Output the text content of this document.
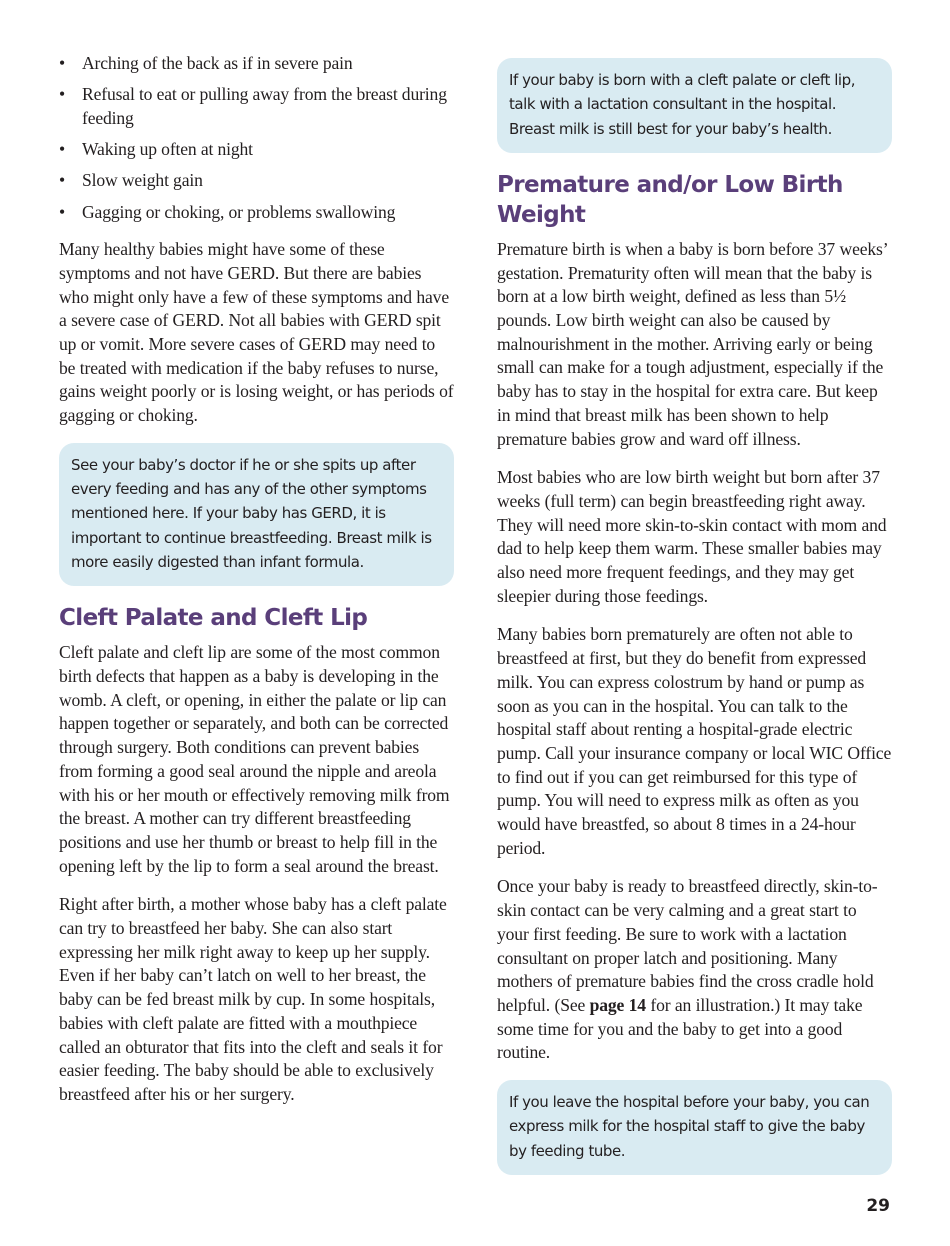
• Arching of the back as if in severe pain
• Refusal to eat or pulling away from the breast during feeding
• Waking up often at night
• Slow weight gain
• Gagging or choking, or problems swallowing

Many healthy babies might have some of these symptoms and not have GERD. But there are babies who might only have a few of these symptoms and have a severe case of GERD. Not all babies with GERD spit up or vomit. More severe cases of GERD may need to be treated with medication if the baby refuses to nurse, gains weight poorly or is losing weight, or has periods of gagging or choking.

See your baby’s doctor if he or she spits up after every feeding and has any of the other symptoms mentioned here. If your baby has GERD, it is important to continue breastfeeding. Breast milk is more easily digested than infant formula.
Cleft Palate and Cleft Lip

Cleft palate and cleft lip are some of the most common birth defects that happen as a baby is developing in the womb. A cleft, or opening, in either the palate or lip can happen together or separately, and both can be corrected through surgery. Both conditions can prevent babies from forming a good seal around the nipple and areola with his or her mouth or effectively removing milk from the breast. A mother can try different breastfeeding positions and use her thumb or breast to help fill in the opening left by the lip to form a seal around the breast.

Right after birth, a mother whose baby has a cleft palate can try to breastfeed her baby. She can also start expressing her milk right away to keep up her supply. Even if her baby can’t latch on well to her breast, the baby can be fed breast milk by cup. In some hospitals, babies with cleft palate are fitted with a mouthpiece called an obturator that fits into the cleft and seals it for easier feeding. The baby should be able to exclusively breastfeed after his or her surgery.

If your baby is born with a cleft palate or cleft lip, talk with a lactation consultant in the hospital. Breast milk is still best for your baby’s health.
Premature and/or Low Birth Weight

Premature birth is when a baby is born before 37 weeks’ gestation. Prematurity often will mean that the baby is born at a low birth weight, defined as less than 5½ pounds. Low birth weight can also be caused by malnourishment in the mother. Arriving early or being small can make for a tough adjustment, especially if the baby has to stay in the hospital for extra care. But keep in mind that breast milk has been shown to help premature babies grow and ward off illness.

Most babies who are low birth weight but born after 37 weeks (full term) can begin breastfeeding right away. They will need more skin-to-skin contact with mom and dad to help keep them warm. These smaller babies may also need more frequent feedings, and they may get sleepier during those feedings.

Many babies born prematurely are often not able to breastfeed at first, but they do benefit from expressed milk. You can express colostrum by hand or pump as soon as you can in the hospital. You can talk to the hospital staff about renting a hospital-grade electric pump. Call your insurance company or local WIC Office to find out if you can get reimbursed for this type of pump. You will need to express milk as often as you would have breastfed, so about 8 times in a 24-hour period.

Once your baby is ready to breastfeed directly, skin-to-skin contact can be very calming and a great start to your first feeding. Be sure to work with a lactation consultant on proper latch and positioning. Many mothers of premature babies find the cross cradle hold helpful. (See page 14 for an illustration.) It may take some time for you and the baby to get into a good routine.

If you leave the hospital before your baby, you can express milk for the hospital staff to give the baby by feeding tube.
29
